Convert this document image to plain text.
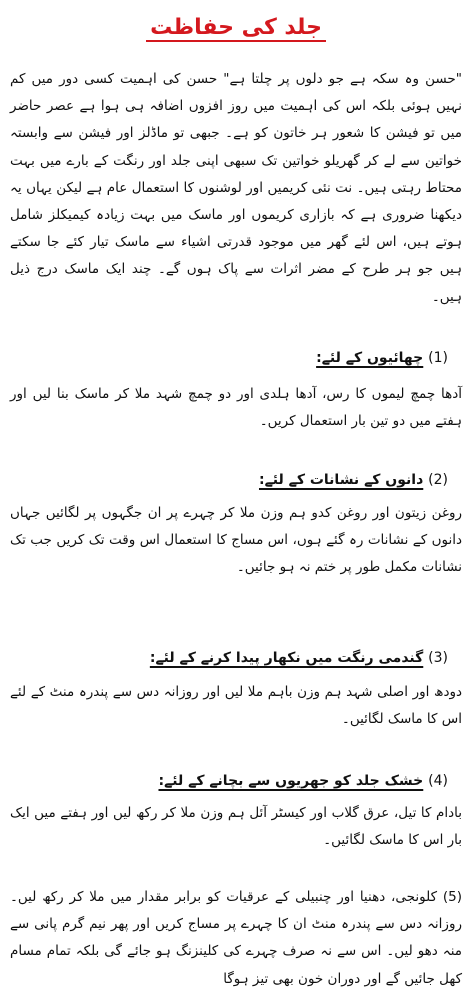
جلد کی حفاظت

"حسن وہ سکہ ہے جو دلوں پر چلتا ہے" حسن کی اہمیت کسی دور میں کم نہیں ہوئی بلکہ اس کی اہمیت میں روز افزوں اضافہ ہی ہوا ہے عصر حاضر میں تو فیشن کا شعور ہر خاتون کو ہے۔ جبھی تو ماڈلز اور فیشن سے وابستہ خواتین سے لے کر گھریلو خواتین تک سبھی اپنی جلد اور رنگت کے بارے میں بہت محتاط رہتی ہیں۔ نت نئی کریمیں اور لوشنوں کا استعمال عام ہے لیکن یہاں یہ دیکھنا ضروری ہے کہ بازاری کریموں اور ماسک میں بہت زیادہ کیمیکلز شامل ہوتے ہیں، اس لئے گھر میں موجود قدرتی اشیاء سے ماسک تیار کئے جا سکتے ہیں جو ہر طرح کے مضر اثرات سے پاک ہوں گے۔ چند ایک ماسک درج ذیل ہیں۔

(1) چھائیوں کے لئے:

آدھا چمچ لیموں کا رس، آدھا ہلدی اور دو چمچ شہد ملا کر ماسک بنا لیں اور ہفتے میں دو تین بار استعمال کریں۔

(2) دانوں کے نشانات کے لئے:

روغن زیتون اور روغن کدو ہم وزن ملا کر چہرے پر ان جگہوں پر لگائیں جہاں دانوں کے نشانات رہ گئے ہوں، اس مساج کا استعمال اس وقت تک کریں جب تک نشانات مکمل طور پر ختم نہ ہو جائیں۔

(3) گندمی رنگت میں نکھار پیدا کرنے کے لئے:

دودھ اور اصلی شہد ہم وزن باہم ملا لیں اور روزانہ دس سے پندرہ منٹ کے لئے اس کا ماسک لگائیں۔

(4) خشک جلد کو جھریوں سے بچانے کے لئے:

بادام کا تیل، عرق گلاب اور کیسٹر آئل ہم وزن ملا کر رکھ لیں اور ہفتے میں ایک بار اس کا ماسک لگائیں۔

(5) کلونجی، دھنیا اور چنبیلی کے عرقیات کو برابر مقدار میں ملا کر رکھ لیں۔ روزانہ دس سے پندرہ منٹ ان کا چہرے پر مساج کریں اور پھر نیم گرم پانی سے منہ دھو لیں۔ اس سے نہ صرف چہرے کی کلینزنگ ہو جائے گی بلکہ تمام مسام کھل جائیں گے اور دوران خون بھی تیز ہوگا
